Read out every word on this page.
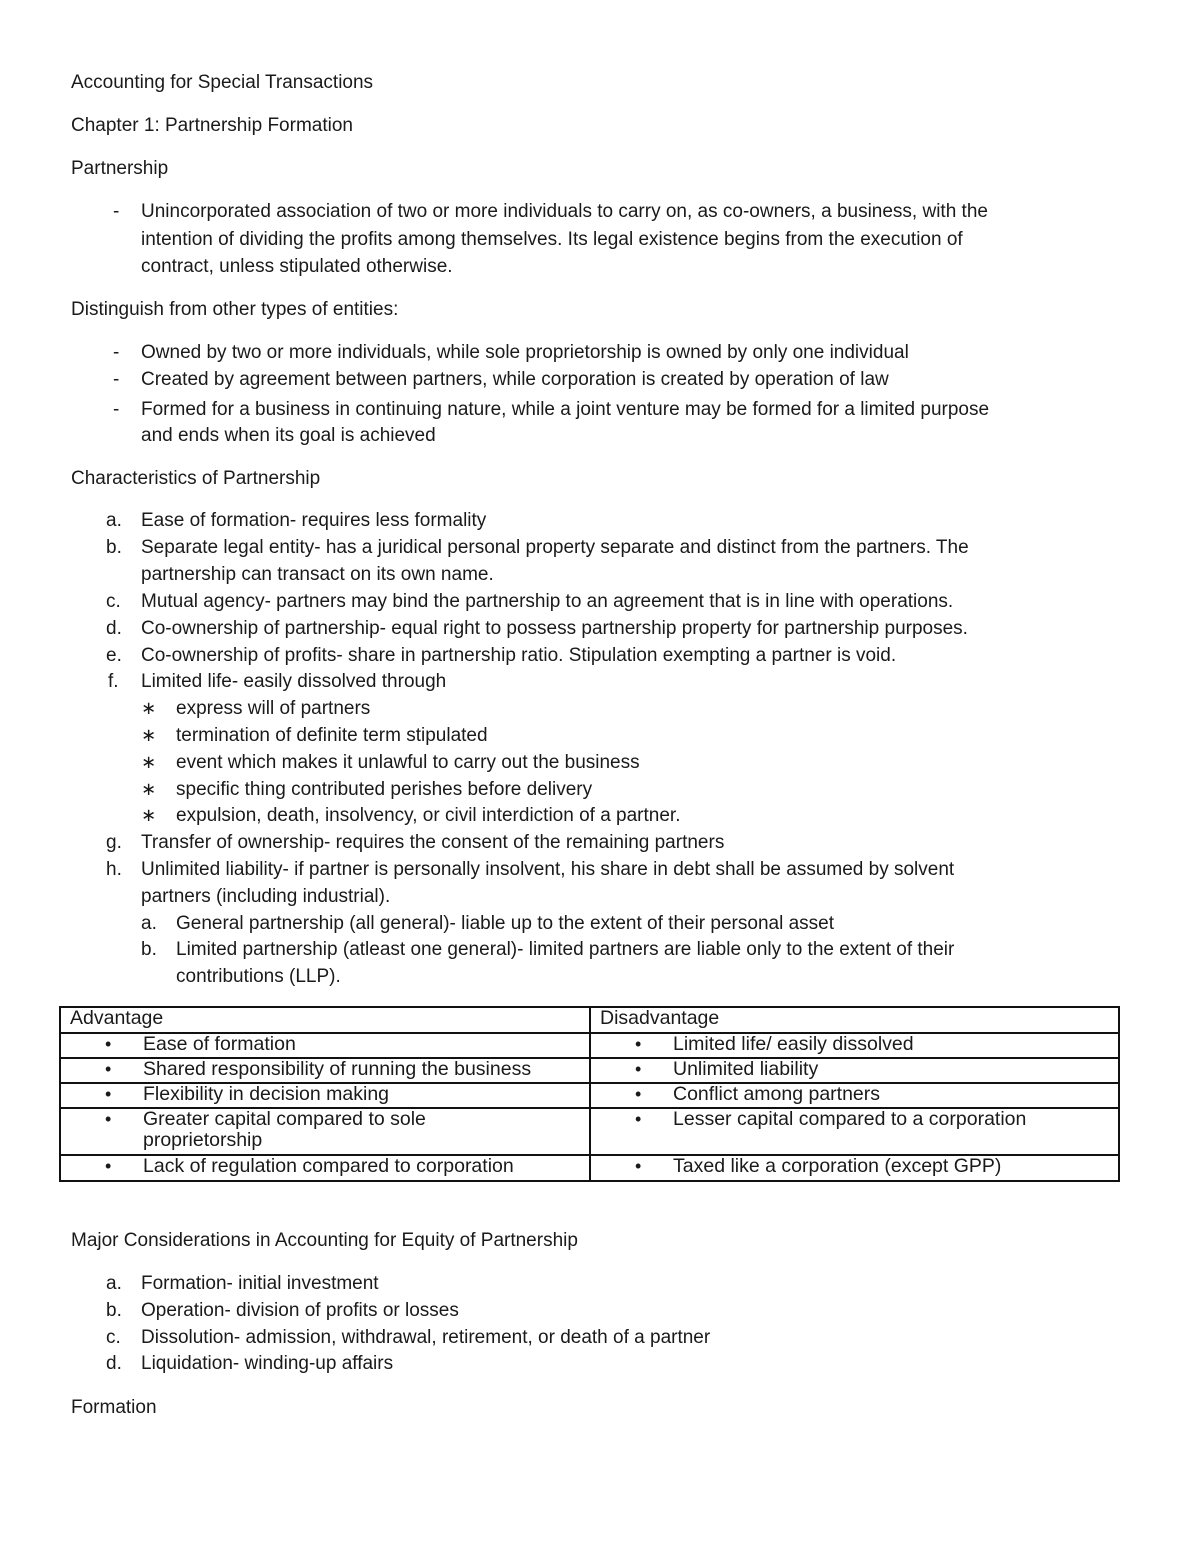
Accounting for Special Transactions
Chapter 1: Partnership Formation
Partnership
- Unincorporated association of two or more individuals to carry on, as co-owners, a business, with the
intention of dividing the profits among themselves. Its legal existence begins from the execution of
contract, unless stipulated otherwise.
Distinguish from other types of entities:
- Owned by two or more individuals, while sole proprietorship is owned by only one individual
- Created by agreement between partners, while corporation is created by operation of law
- Formed for a business in continuing nature, while a joint venture may be formed for a limited purpose
and ends when its goal is achieved
Characteristics of Partnership
a. Ease of formation- requires less formality
b. Separate legal entity- has a juridical personal property separate and distinct from the partners. The
partnership can transact on its own name.
c. Mutual agency- partners may bind the partnership to an agreement that is in line with operations.
d. Co-ownership of partnership- equal right to possess partnership property for partnership purposes.
e. Co-ownership of profits- share in partnership ratio. Stipulation exempting a partner is void.
f. Limited life- easily dissolved through
∗ express will of partners
∗ termination of definite term stipulated
∗ event which makes it unlawful to carry out the business
∗ specific thing contributed perishes before delivery
∗ expulsion, death, insolvency, or civil interdiction of a partner.
g. Transfer of ownership- requires the consent of the remaining partners
h. Unlimited liability- if partner is personally insolvent, his share in debt shall be assumed by solvent
partners (including industrial).
a. General partnership (all general)- liable up to the extent of their personal asset
b. Limited partnership (atleast one general)- limited partners are liable only to the extent of their
contributions (LLP).
Advantage	Disadvantage

• Ease of formation	• Limited life/ easily dissolved

• Shared responsibility of running the business	• Unlimited liability

• Flexibility in decision making	• Conflict among partners

• Greater capital compared to sole proprietorship	• Lesser capital compared to a corporation

• Lack of regulation compared to corporation	• Taxed like a corporation (except GPP)
Major Considerations in Accounting for Equity of Partnership
a. Formation- initial investment
b. Operation- division of profits or losses
c. Dissolution- admission, withdrawal, retirement, or death of a partner
d. Liquidation- winding-up affairs
Formation
